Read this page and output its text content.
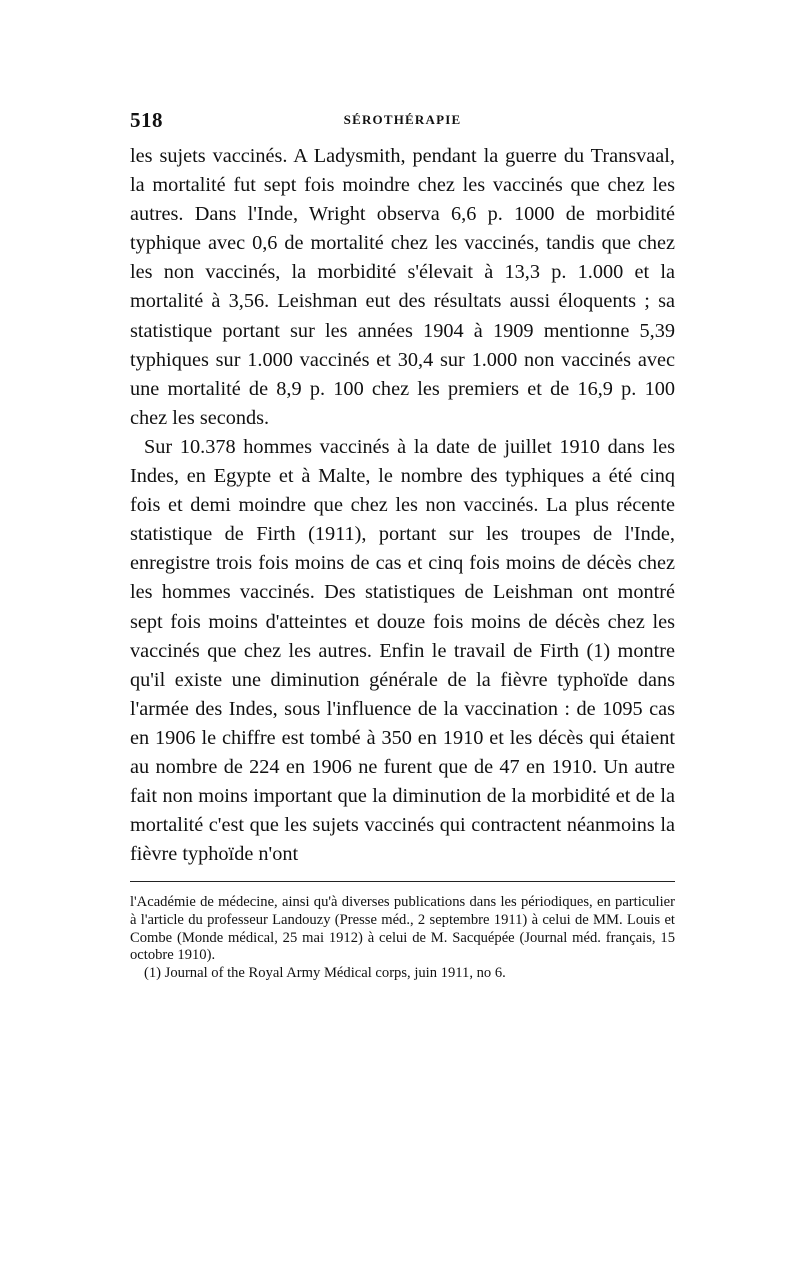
518	SÉROTHÉRAPIE

les sujets vaccinés. A Ladysmith, pendant la guerre du Transvaal, la mortalité fut sept fois moindre chez les vaccinés que chez les autres. Dans l'Inde, Wright observa 6,6 p. 1000 de morbidité typhique avec 0,6 de mortalité chez les vaccinés, tandis que chez les non vaccinés, la morbidité s'élevait à 13,3 p. 1.000 et la mortalité à 3,56. Leishman eut des résultats aussi éloquents ; sa statistique portant sur les années 1904 à 1909 mentionne 5,39 typhiques sur 1.000 vaccinés et 30,4 sur 1.000 non vaccinés avec une mortalité de 8,9 p. 100 chez les premiers et de 16,9 p. 100 chez les seconds.

Sur 10.378 hommes vaccinés à la date de juillet 1910 dans les Indes, en Egypte et à Malte, le nombre des typhiques a été cinq fois et demi moindre que chez les non vaccinés. La plus récente statistique de Firth (1911), portant sur les troupes de l'Inde, enregistre trois fois moins de cas et cinq fois moins de décès chez les hommes vaccinés. Des statistiques de Leishman ont montré sept fois moins d'atteintes et douze fois moins de décès chez les vaccinés que chez les autres. Enfin le travail de Firth (1) montre qu'il existe une diminution générale de la fièvre typhoïde dans l'armée des Indes, sous l'influence de la vaccination : de 1095 cas en 1906 le chiffre est tombé à 350 en 1910 et les décès qui étaient au nombre de 224 en 1906 ne furent que de 47 en 1910. Un autre fait non moins important que la diminution de la morbidité et de la mortalité c'est que les sujets vaccinés qui contractent néanmoins la fièvre typhoïde n'ont

l'Académie de médecine, ainsi qu'à diverses publications dans les périodiques, en particulier à l'article du professeur Landouzy (Presse méd., 2 septembre 1911) à celui de MM. Louis et Combe (Monde médical, 25 mai 1912) à celui de M. Sacquépée (Journal méd. français, 15 octobre 1910).

(1) Journal of the Royal Army Médical corps, juin 1911, no 6.
